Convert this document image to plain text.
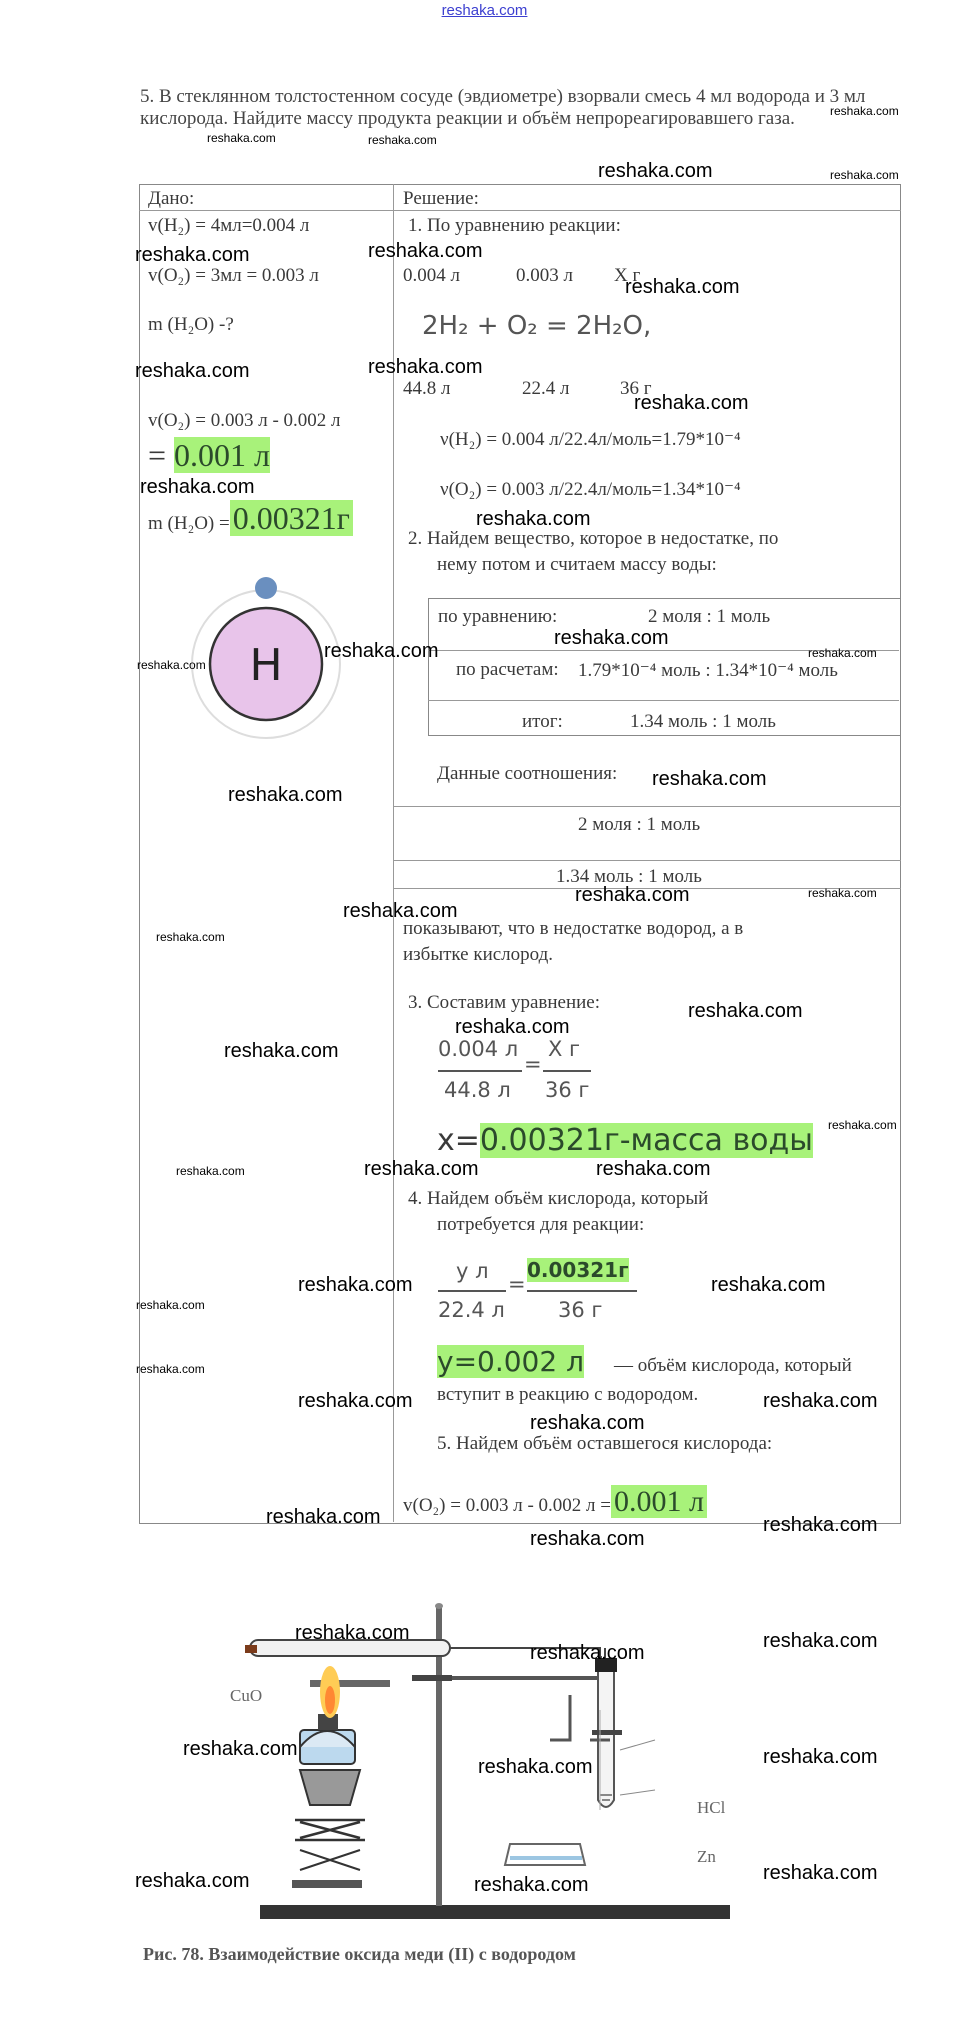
reshaka.com
5. В стеклянном толстостенном сосуде (эвдиометре) взорвали смесь 4 мл водорода и 3 мл кислорода. Найдите массу продукта реакции и объём непрореагировавшего газа.
Дано:	Решение:
v(H₂) = 4мл=0.004 л
v(O₂) = 3мл = 0.003 л
m (H₂O) -?
v(O₂) = 0.003 л - 0.002 л
= 0.001 л
m (H₂O) =0.00321г
H
1. По уравнению реакции:
0.004 л	0.003 л X г
2H₂ + O₂ = 2H₂O,
44.8 л	22.4 л	36 г
ν(H₂) = 0.004 л/22.4л/моль=1.79*10⁻⁴
ν(O₂) = 0.003 л/22.4л/моль=1.34*10⁻⁴
2. Найдем вещество, которое в недостатке, по
нему потом и считаем массу воды:
по уравнению:	2 моля : 1 моль
по расчетам: 1.79*10⁻⁴ моль : 1.34*10⁻⁴ моль
итог:	1.34 моль : 1 моль
Данные соотношения:
2 моля : 1 моль
1.34 моль : 1 моль
показывают, что в недостатке водород, а в
избытке кислород.
3. Составим уравнение:
0.004 л
44.8 л
=
X г
36 г
x=0.00321г-масса воды
4. Найдем объём кислорода, который
потребуется для реакции:
y л
22.4 л
=
0.00321г
36 г
y=0.002 л — объём кислорода, который
вступит в реакцию с водородом.
5. Найдем объём оставшегося кислорода:
v(O₂) = 0.003 л - 0.002 л = 0.001 л
CuO
HCl
Zn
Рис. 78. Взаимодействие оксида меди (II) с водородом
reshaka.com
reshaka.com	reshaka.com
reshaka.com	reshaka.com
reshaka.com	reshaka.com
reshaka.com
reshaka.com	reshaka.com
reshaka.com
reshaka.com
reshaka.com
reshaka.com
reshaka.com
reshaka.com
reshaka.com
reshaka.com
reshaka.com
reshaka.com	reshaka.com
reshaka.com
reshaka.com
reshaka.com
reshaka.com
reshaka.com
reshaka.com
reshaka.com	reshaka.com	reshaka.com
reshaka.com	reshaka.com
reshaka.com
reshaka.com
reshaka.com	reshaka.com
reshaka.com
reshaka.com	reshaka.com
reshaka.com
reshaka.com
reshaka.com
reshaka.com
reshaka.com
reshaka.com	reshaka.com
reshaka.com	reshaka.com
reshaka.com
